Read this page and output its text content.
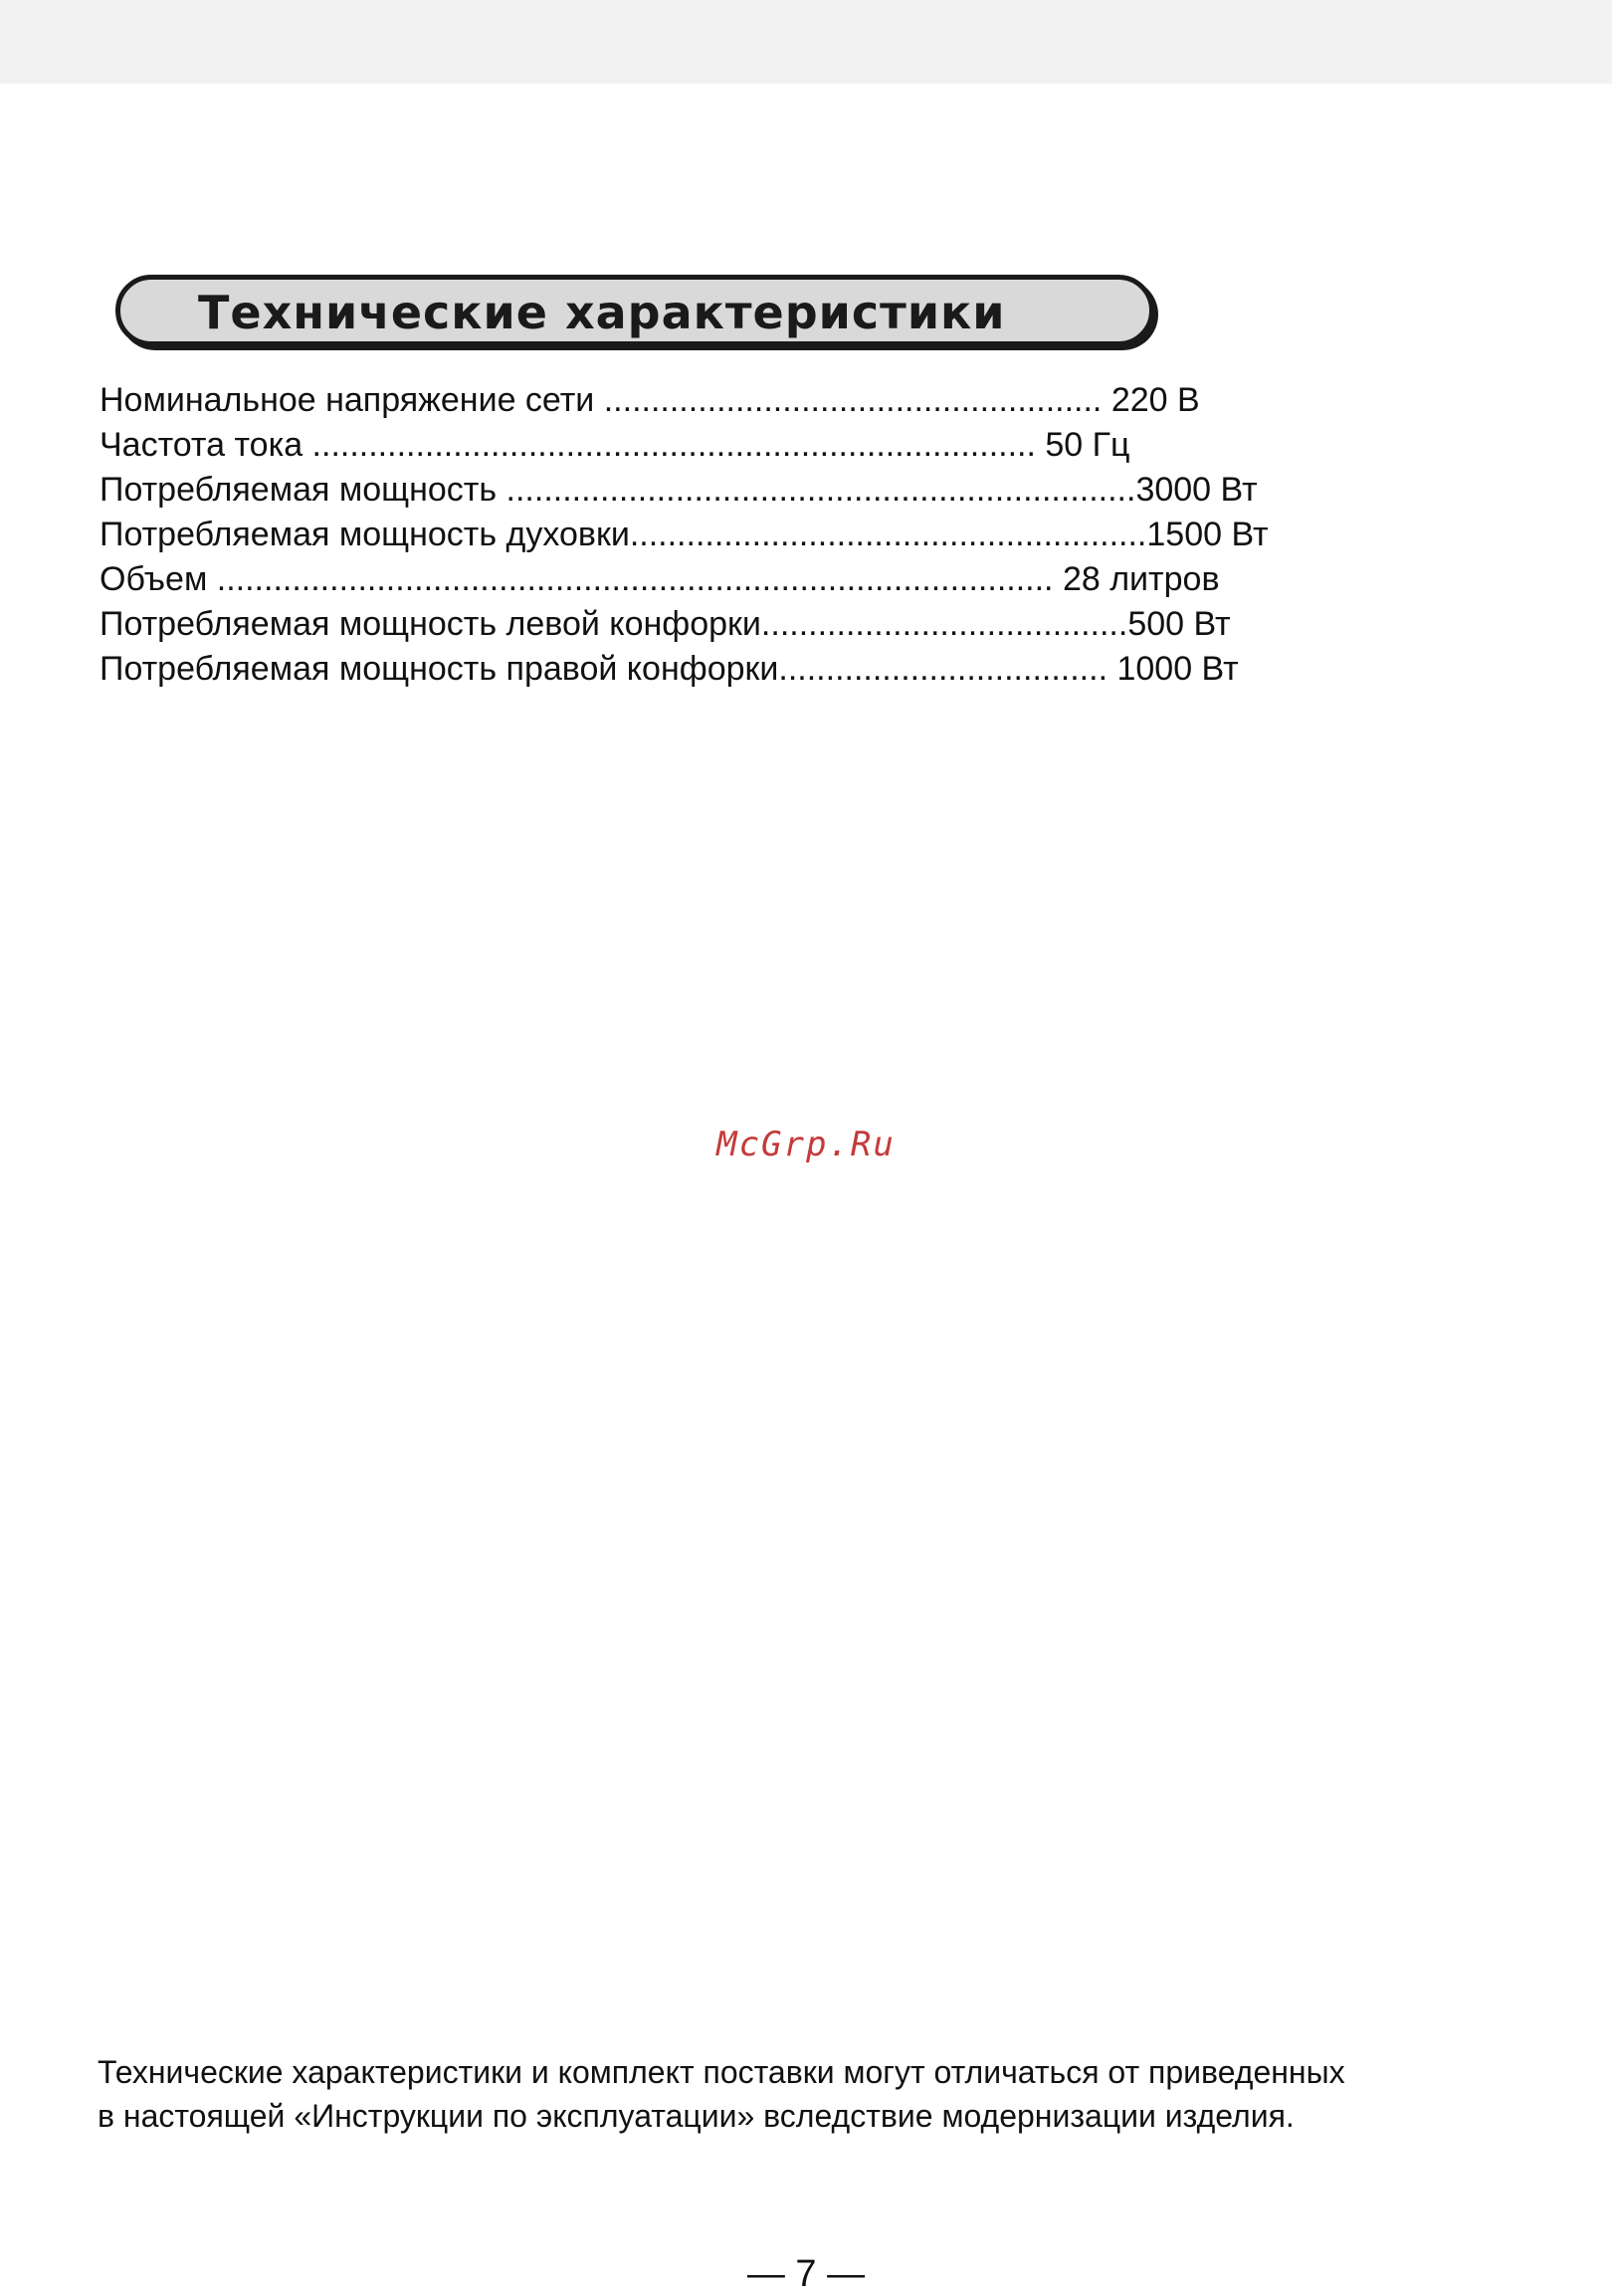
Технические характеристики
Номинальное напряжение сети ..................................................... 220 В
Частота тока ............................................................................. 50 Гц
Потребляемая мощность ...................................................................3000 Вт
Потребляемая мощность духовки.......................................................1500 Вт
Объем ......................................................................................... 28 литров
Потребляемая мощность левой конфорки.......................................500 Вт
Потребляемая мощность правой конфорки................................... 1000 Вт
McGrp.Ru
Технические характеристики и комплект поставки могут отличаться от приведенных
в настоящей «Инструкции по эксплуатации» вследствие модернизации изделия.
— 7 —
